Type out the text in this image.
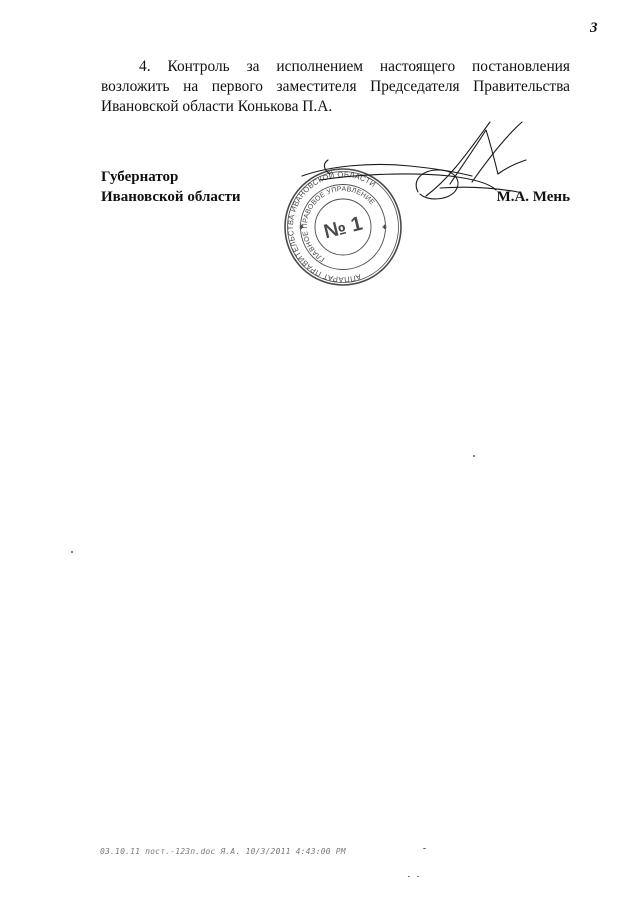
3

4. Контроль за исполнением настоящего постановления возложить на первого заместителя Председателя Правительства Ивановской области Конькова П.А.

Губернатор
Ивановской области	М.А. Мень

АППАРАТ ПРАВИТЕЛЬСТВА ИВАНОВСКОЙ ОБЛАСТИ
ГЛАВНОЕ ПРАВОВОЕ УПРАВЛЕНИЕ
№ 1
✱	✱

03.10.11 пост.-123п.doc Я.А. 10/3/2011 4:43:00 PM
